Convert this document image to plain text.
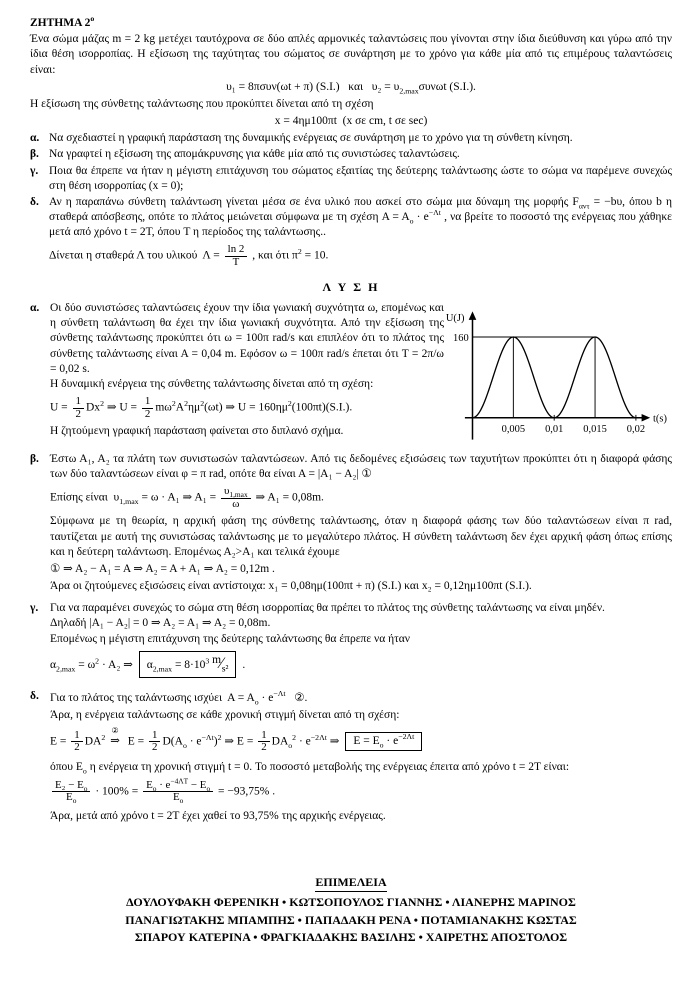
ΖΗΤΗΜΑ $2^o$

Ένα σώμα μάζας m = 2 kg μετέχει ταυτόχρονα σε δύο απλές αρμονικές ταλαντώσεις που γίνονται στην ίδια διεύθυνση και γύρω από την ίδια θέση ισορροπίας. Η εξίσωση της ταχύτητας του σώματος σε συνάρτηση με το χρόνο για κάθε μία από τις επιμέρους ταλαντώσεις είναι:

υ₁ = 8πσυν(ωt + π) (S.I.)   και   $\upsilon_2 = \upsilon_{2,max}\sigma\upsilon\nu\omega t$ (S.I.).

Η εξίσωση της σύνθετης ταλάντωσης που προκύπτει δίνεται από τη σχέση

x = 4ημ100πt  (x σε cm, t σε sec)
α. Να σχεδιαστεί η γραφική παράσταση της δυναμικής ενέργειας σε συνάρτηση με το χρόνο για τη σύνθετη κίνηση.
β. Να γραφτεί η εξίσωση της απομάκρυνσης για κάθε μία από τις συνιστώσες ταλαντώσεις.
γ. Ποια θα έπρεπε να ήταν η μέγιστη επιτάχυνση του σώματος εξαιτίας της δεύτερης ταλάντωσης ώστε το σώμα να παρέμενε συνεχώς στη θέση ισορροπίας (x = 0);
δ. Αν η παραπάνω σύνθετη ταλάντωση γίνεται μέσα σε ένα υλικό που ασκεί στο σώμα μια δύναμη της μορφής $F_{\alpha\nu\tau} = -b\upsilon$, όπου b η σταθερά απόσβεσης, οπότε το πλάτος μειώνεται σύμφωνα με τη σχέση $A = A_o \cdot e^{-\Lambda t}$ , να βρείτε το ποσοστό της ενέργειας που χάθηκε μετά από χρόνο t = 2T, όπου T η περίοδος της ταλάντωσης..
Δίνεται η σταθερά Λ του υλικού  $\Lambda = \frac{\ln 2}{T}$ , και ότι $\pi^2 = 10$.
Λ Υ Σ Η
α. Οι δύο συνιστώσες ταλαντώσεις έχουν την ίδια γωνιακή συχνότητα ω, επομένως και η σύνθετη ταλάντωση θα έχει την ίδια γωνιακή συχνότητα. Από την εξίσωση της σύνθετης ταλάντωσης προκύπτει ότι ω = 100π rad/s και επιπλέον ότι το πλάτος της σύνθετης ταλάντωσης είναι Α = 0,04 m. Εφόσον ω = 100π rad/s έπεται ότι T = 2π/ω = 0,02 s.

Η δυναμική ενέργεια της σύνθετης ταλάντωσης δίνεται από τη σχέση:

$U = \frac{1}{2} Dx^2$ ⇒ $U = \frac{1}{2} m\omega^2A^2\eta\mu^2(\omega t)$ ⇒ $U = 160\eta\mu^2(100\pi t)(S.I.)$.

Η ζητούμενη γραφική παράσταση φαίνεται στο διπλανό σχήμα.

U(J)
160
t(s)
0,005 0,01 0,015 0,02
β. Έστω Α₁, Α₂ τα πλάτη των συνιστωσών ταλαντώσεων. Από τις δεδομένες εξισώσεις των ταχυτήτων προκύπτει ότι η διαφορά φάσης των δύο ταλαντώσεων είναι φ = π rad, οπότε θα είναι Α = |Α₁ − Α₂| ①

Επίσης είναι  $\upsilon_{1,max} = \omega \cdot A_1$ ⇒ $A_1 = \frac{\upsilon_{1,max}}{\omega}$ ⇒ Α₁ = 0,08m.

Σύμφωνα με τη θεωρία, η αρχική φάση της σύνθετης ταλάντωσης, όταν η διαφορά φάσης των δύο ταλαντώσεων είναι π rad, ταυτίζεται με αυτή της συνιστώσας ταλάντωσης με το μεγαλύτερο πλάτος. Η σύνθετη ταλάντωση δεν έχει αρχική φάση όπως επίσης και η δεύτερη ταλάντωση. Επομένως Α₂>Α₁ και τελικά έχουμε

① ⇒ Α₂ − Α₁ = Α ⇒ Α₂ = Α + Α₁ ⇒ Α₂ = 0,12m .

Άρα οι ζητούμενες εξισώσεις είναι αντίστοιχα: x₁ = 0,08ημ(100πt + π) (S.I.) και x₂ = 0,12ημ100πt (S.I.).

γ.	Για να παραμένει συνεχώς το σώμα στη θέση ισορροπίας θα πρέπει το πλάτος της σύνθετης ταλάντωσης να είναι μηδέν.

Δηλαδή |Α₁ − Α₂| = 0 ⇒ Α₂ = Α₁ ⇒ Α₂ = 0,08m.

Επομένως η μέγιστη επιτάχυνση της δεύτερης ταλάντωσης θα έπρεπε να ήταν

$\alpha_{2,max} = \omega^2 \cdot A_2$ ⇒ $\alpha_{2,max} = 8\cdot 10^3$ $m⁄_{s^2}$ .
δ. Για το πλάτος της ταλάντωσης ισχύει  $A = A_o \cdot e^{-\Lambda t}$   ②.

Άρα, η ενέργεια ταλάντωσης σε κάθε χρονική στιγμή δίνεται από τη σχέση:

$E = \frac{1}{2} DA^2$
②
⇒ $E = \frac{1}{2} D(A_o \cdot e^{-\Lambda t})^2$ ⇒ $E = \frac{1}{2} DA_o^2 \cdot e^{-2\Lambda t}$ ⇒ $E = E_o \cdot e^{-2\Lambda t}$
όπου $E_o$ η ενέργεια τη χρονική στιγμή t = 0. Το ποσοστό μεταβολής της ενέργειας έπειτα από χρόνο t = 2T είναι:
$\frac{E_2 - E_o}{E_o} \cdot 100\% = \frac{E_o \cdot e^{-4\Lambda T} - E_o}{E_o} = -93,75\%$ .

Άρα, μετά από χρόνο t = 2T έχει χαθεί το 93,75% της αρχικής ενέργειας.

ΕΠΙΜΕΛΕΙΑ
ΔΟΥΛΟΥΦΑΚΗ ΦΕΡΕΝΙΚΗ • ΚΩΤΣΟΠΟΥΛΟΣ ΓΙΑΝΝΗΣ • ΛΙΑΝΕΡΗΣ ΜΑΡΙΝΟΣ
ΠΑΝΑΓΙΩΤΑΚΗΣ ΜΠΑΜΠΗΣ • ΠΑΠΑΔΑΚΗ ΡΕΝΑ • ΠΟΤΑΜΙΑΝΑΚΗΣ ΚΩΣΤΑΣ
ΣΠΑΡΟΥ ΚΑΤΕΡΙΝΑ • ΦΡΑΓΚΙΑΔΑΚΗΣ ΒΑΣΙΛΗΣ • ΧΑΙΡΕΤΗΣ ΑΠΟΣΤΟΛΟΣ
